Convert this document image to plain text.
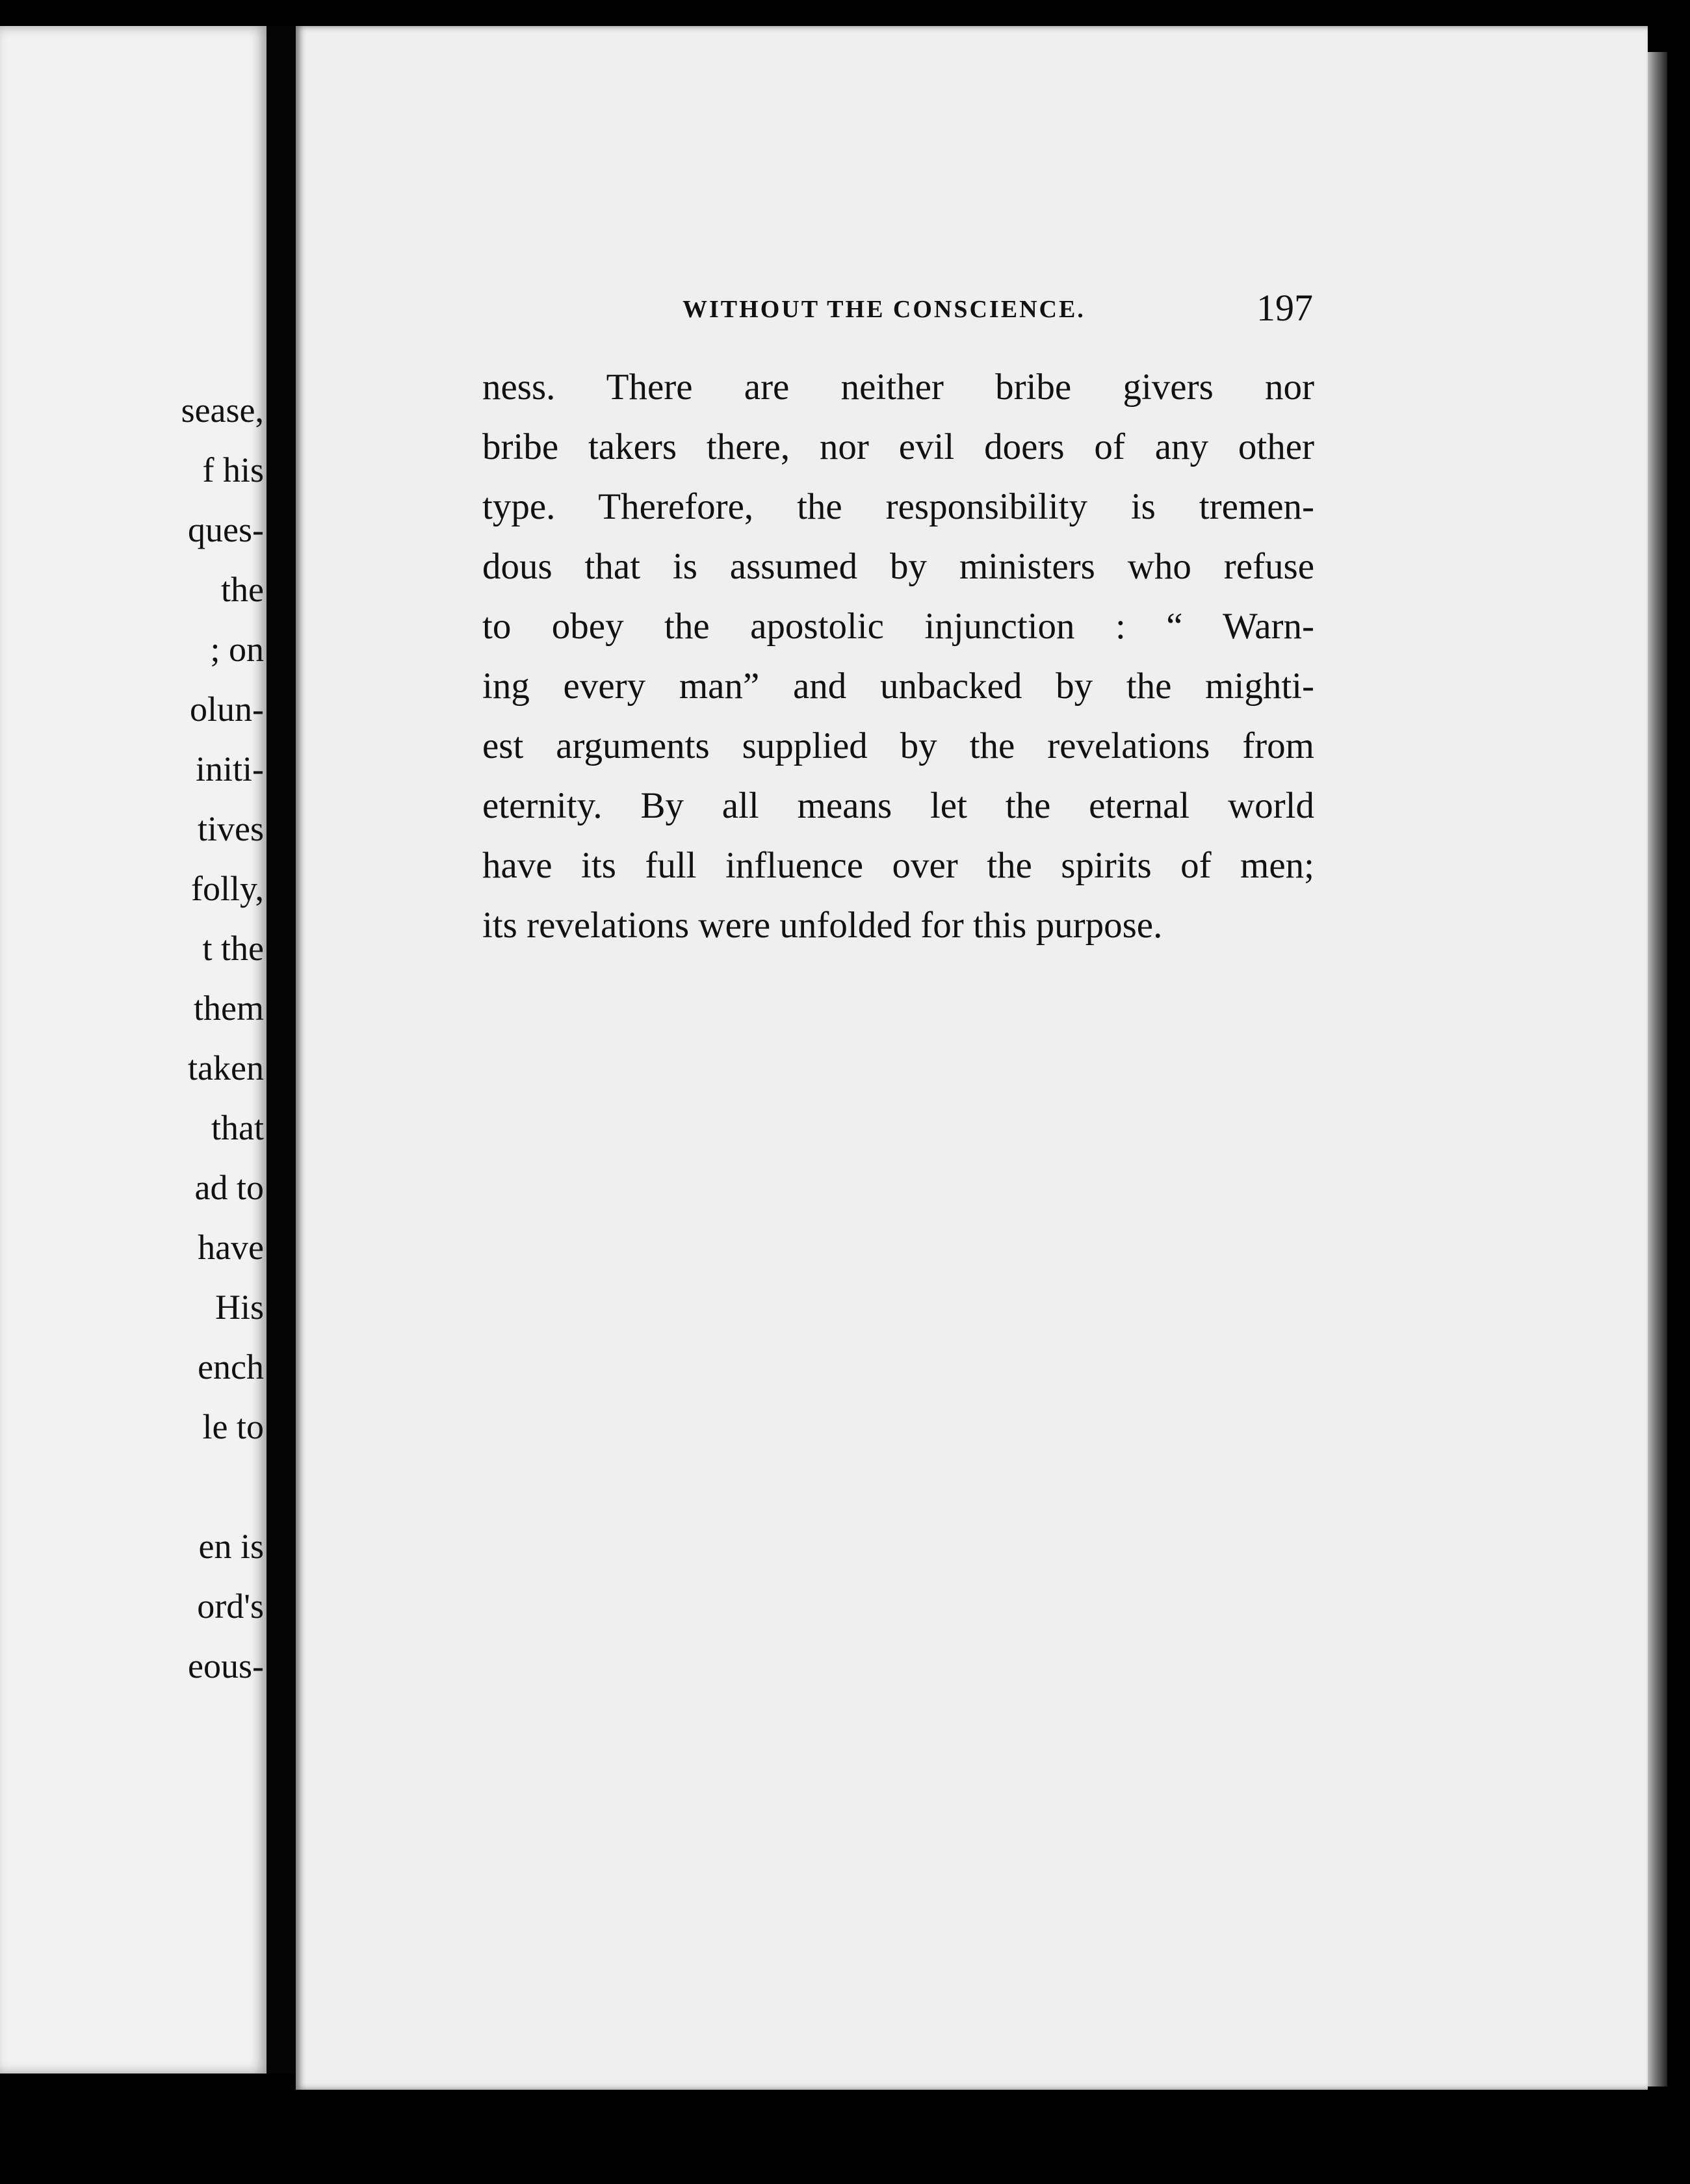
sease,
f his
ques-
the
; on
olun-
initi-
tives
folly,
t the
them
taken
that
ad to
have
His
ench
le to
en is
ord's
eous-
WITHOUT THE CONSCIENCE.	197
ness. There are neither bribe givers nor
bribe takers there, nor evil doers of any other
type. Therefore, the responsibility is tremen-
dous that is assumed by ministers who refuse
to obey the apostolic injunction : “ Warn-
ing every man” and unbacked by the mighti-
est arguments supplied by the revelations from
eternity. By all means let the eternal world
have its full influence over the spirits of men;
its revelations were unfolded for this purpose.
